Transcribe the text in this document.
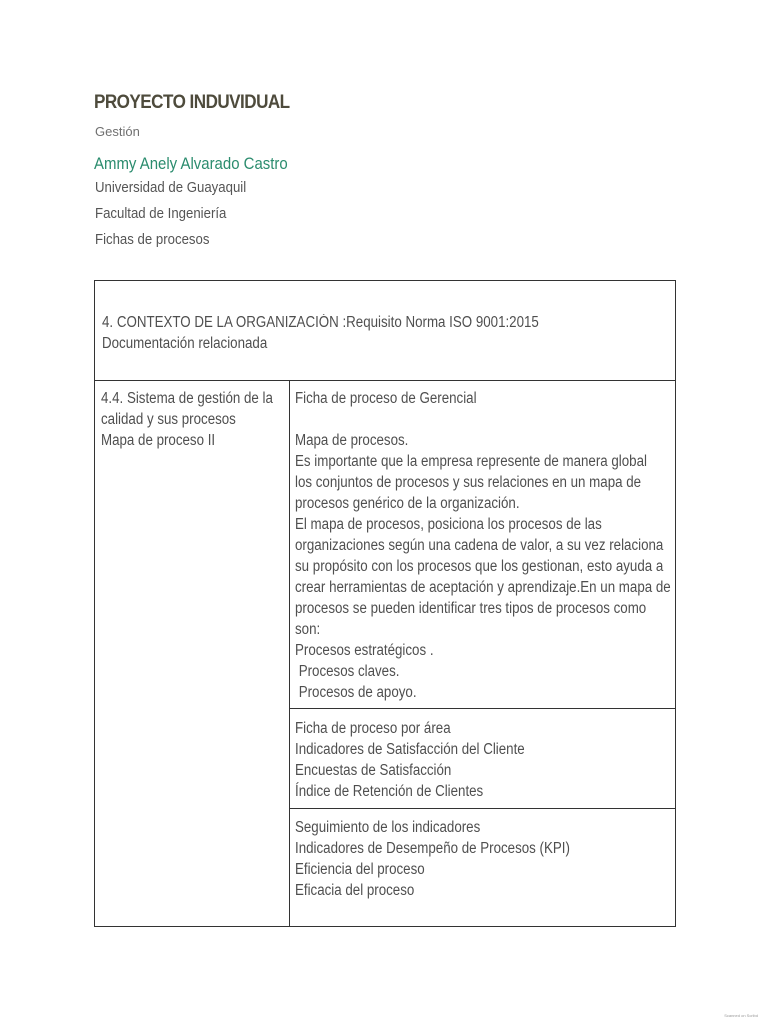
PROYECTO INDUVIDUAL
Gestión
Ammy Anely Alvarado Castro
Universidad de Guayaquil
Facultad de Ingeniería
Fichas de procesos
4. CONTEXTO DE LA ORGANIZACIÓN :Requisito Norma ISO 9001:2015
Documentación relacionada
4.4. Sistema de gestión de la
calidad y sus procesos
Mapa de proceso II
Ficha de proceso de Gerencial
Mapa de procesos.
Es importante que la empresa represente de manera global
los conjuntos de procesos y sus relaciones en un mapa de
procesos genérico de la organización.
El mapa de procesos, posiciona los procesos de las
organizaciones según una cadena de valor, a su vez relaciona
su propósito con los procesos que los gestionan, esto ayuda a
crear herramientas de aceptación y aprendizaje.En un mapa de
procesos se pueden identificar tres tipos de procesos como
son:
Procesos estratégicos .
Procesos claves.
Procesos de apoyo.
Ficha de proceso por área
Indicadores de Satisfacción del Cliente
Encuestas de Satisfacción
Índice de Retención de Clientes
Seguimiento de los indicadores
Indicadores de Desempeño de Procesos (KPI)
Eficiencia del proceso
Eficacia del proceso
Scanned on Scribd
